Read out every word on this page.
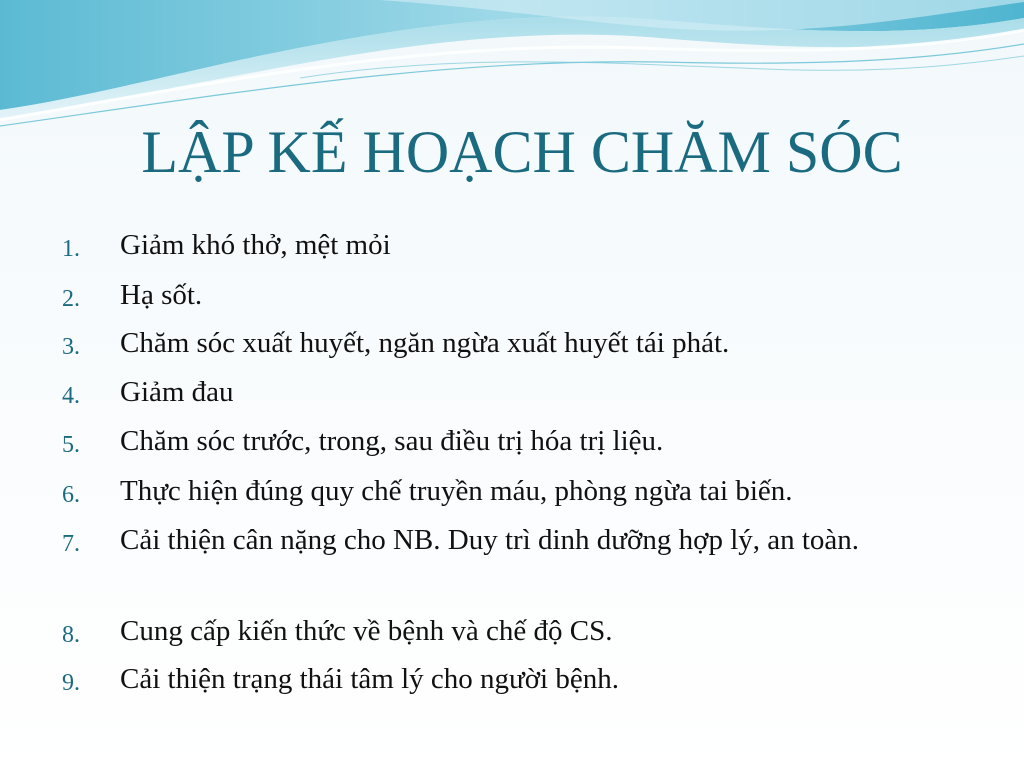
LẬP KẾ HOẠCH CHĂM SÓC
1. Giảm khó thở, mệt mỏi
2. Hạ sốt.
3. Chăm sóc xuất huyết, ngăn ngừa xuất huyết tái phát.
4. Giảm đau
5. Chăm sóc trước, trong, sau điều trị hóa trị liệu.
6. Thực hiện đúng quy chế truyền máu, phòng ngừa tai biến.
7. Cải thiện cân nặng cho NB. Duy trì dinh dưỡng hợp lý, an toàn.
8. Cung cấp kiến thức về bệnh và chế độ CS.
9. Cải thiện trạng thái tâm lý cho người bệnh.
